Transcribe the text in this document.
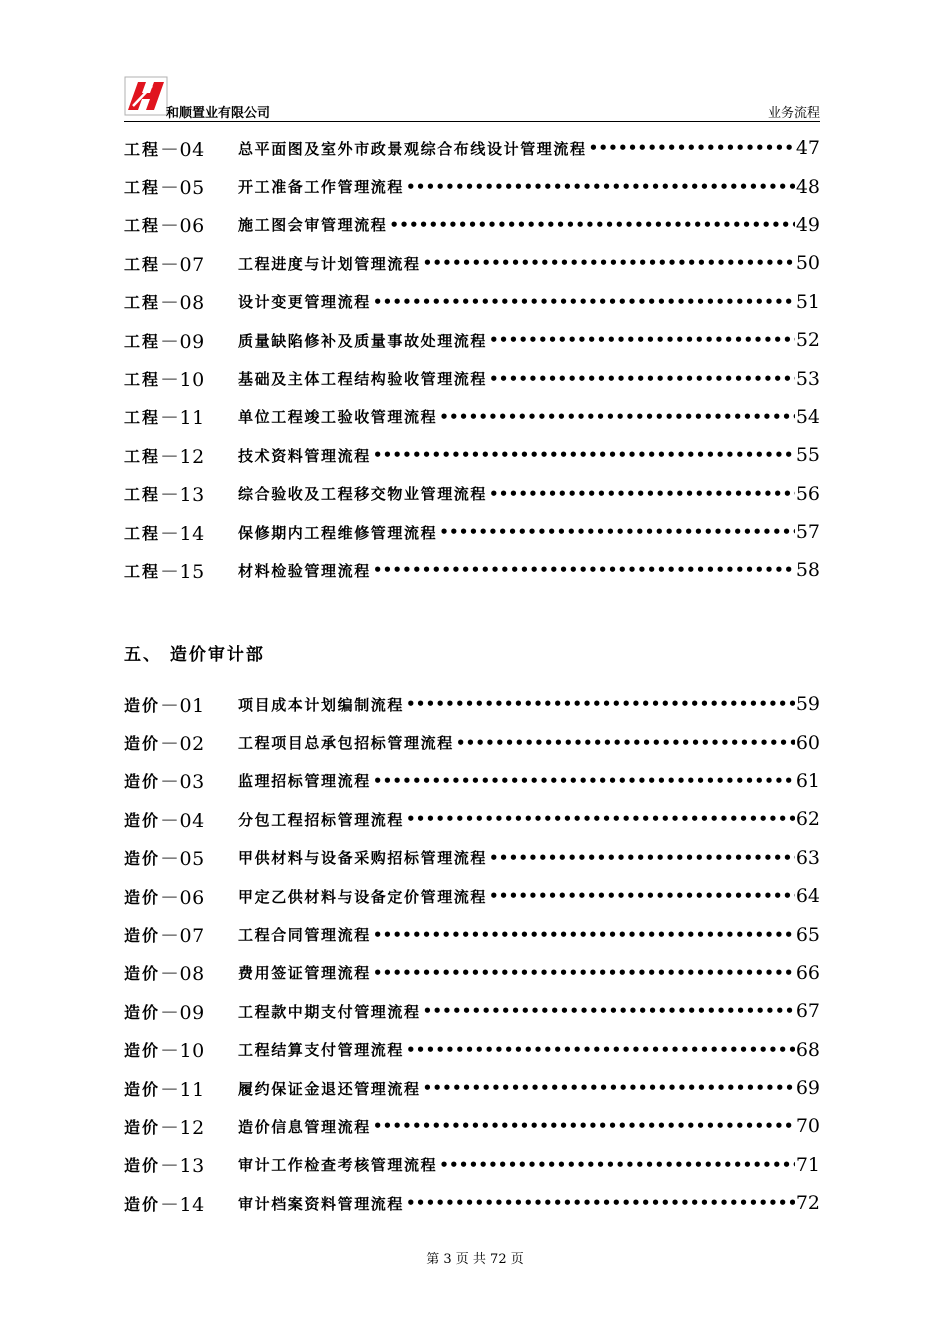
和顺置业有限公司	业务流程
工程 －04 总平面图及室外市政景观综合布线设计管理流程 •••••	47
工程 －05 开工准备工作管理流程 •••••	48
工程 －06 施工图会审管理流程 •••••	49
工程 －07 工程进度与计划管理流程 •••••	50
工程 －08 设计变更管理流程 •••••	51
工程 －09 质量缺陷修补及质量事故处理流程 •••••	52
工程 －10 基础及主体工程结构验收管理流程 •••••	53
工程 －11 单位工程竣工验收管理流程 •••••	54
工程 －12 技术资料管理流程 •••••	55
工程 －13 综合验收及工程移交物业管理流程 •••••	56
工程 －14 保修期内工程维修管理流程 •••••	57
工程 －15 材料检验管理流程 •••••	58
五、 造价审计部
造价 －01 项目成本计划编制流程 •••••	59
造价 －02 工程项目总承包招标管理流程 •••••	60
造价 －03 监理招标管理流程 •••••	61
造价 －04 分包工程招标管理流程 •••••	62
造价 －05 甲供材料与设备采购招标管理流程 •••••	63
造价 －06 甲定乙供材料与设备定价管理流程 •••••	64
造价 －07 工程合同管理流程 •••••	65
造价 －08 费用签证管理流程 •••••	66
造价 －09 工程款中期支付管理流程 •••••	67
造价 －10 工程结算支付管理流程 •••••	68
造价 －11 履约保证金退还管理流程 •••••	69
造价 －12 造价信息管理流程 •••••	70
造价 －13 审计工作检查考核管理流程 •••••	71
造价 －14 审计档案资料管理流程 •••••	72
第 3 页 共 72 页
